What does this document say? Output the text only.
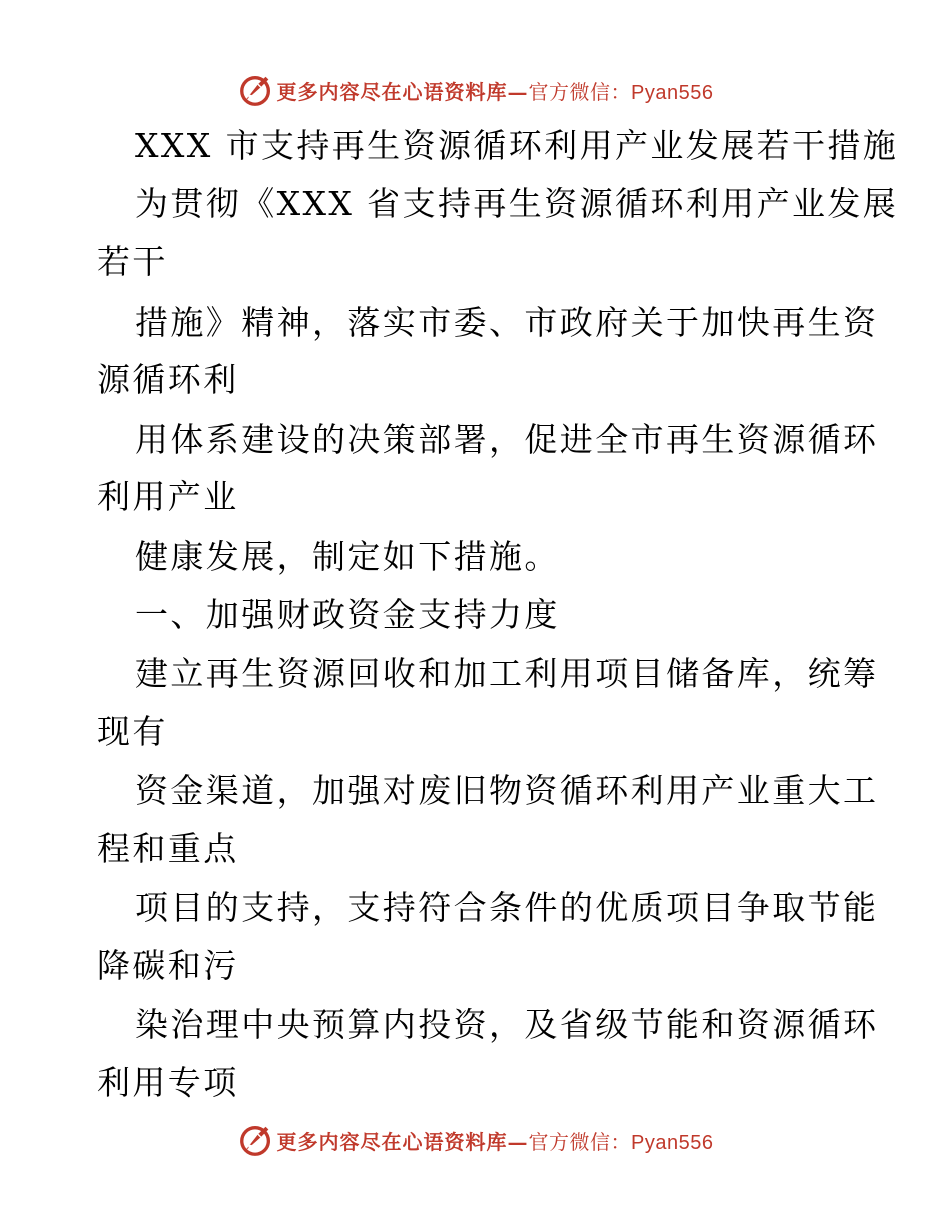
更多内容尽在心语资料库—官方微信：Pyan556
XXX 市支持再生资源循环利用产业发展若干措施
为贯彻《XXX 省支持再生资源循环利用产业发展
若干
措施》精神，落实市委、市政府关于加快再生资
源循环利
用体系建设的决策部署，促进全市再生资源循环
利用产业
健康发展，制定如下措施。
一、加强财政资金支持力度
建立再生资源回收和加工利用项目储备库，统筹
现有
资金渠道，加强对废旧物资循环利用产业重大工
程和重点
项目的支持，支持符合条件的优质项目争取节能
降碳和污
染治理中央预算内投资，及省级节能和资源循环
利用专项
更多内容尽在心语资料库—官方微信：Pyan556
